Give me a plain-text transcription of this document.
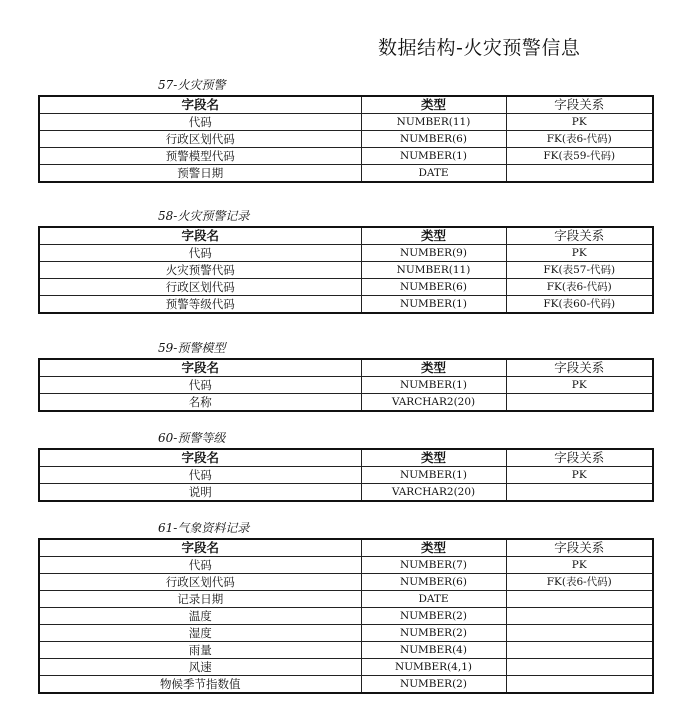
数据结构-火灾预警信息
57-火灾预警
字段名	类型	字段关系
代码	NUMBER(11)	PK
行政区划代码	NUMBER(6)	FK(表6-代码)
预警模型代码	NUMBER(1)	FK(表59-代码)
预警日期	DATE	
58-火灾预警记录
字段名	类型	字段关系
代码	NUMBER(9)	PK
火灾预警代码	NUMBER(11)	FK(表57-代码)
行政区划代码	NUMBER(6)	FK(表6-代码)
预警等级代码	NUMBER(1)	FK(表60-代码)
59-预警模型
字段名	类型	字段关系
代码	NUMBER(1)	PK
名称	VARCHAR2(20)	
60-预警等级
字段名	类型	字段关系
代码	NUMBER(1)	PK
说明	VARCHAR2(20)	
61-气象资料记录
字段名	类型	字段关系
代码	NUMBER(7)	PK
行政区划代码	NUMBER(6)	FK(表6-代码)
记录日期	DATE	
温度	NUMBER(2)	
湿度	NUMBER(2)	
雨量	NUMBER(4)	
风速	NUMBER(4,1)	
物候季节指数值	NUMBER(2)	
